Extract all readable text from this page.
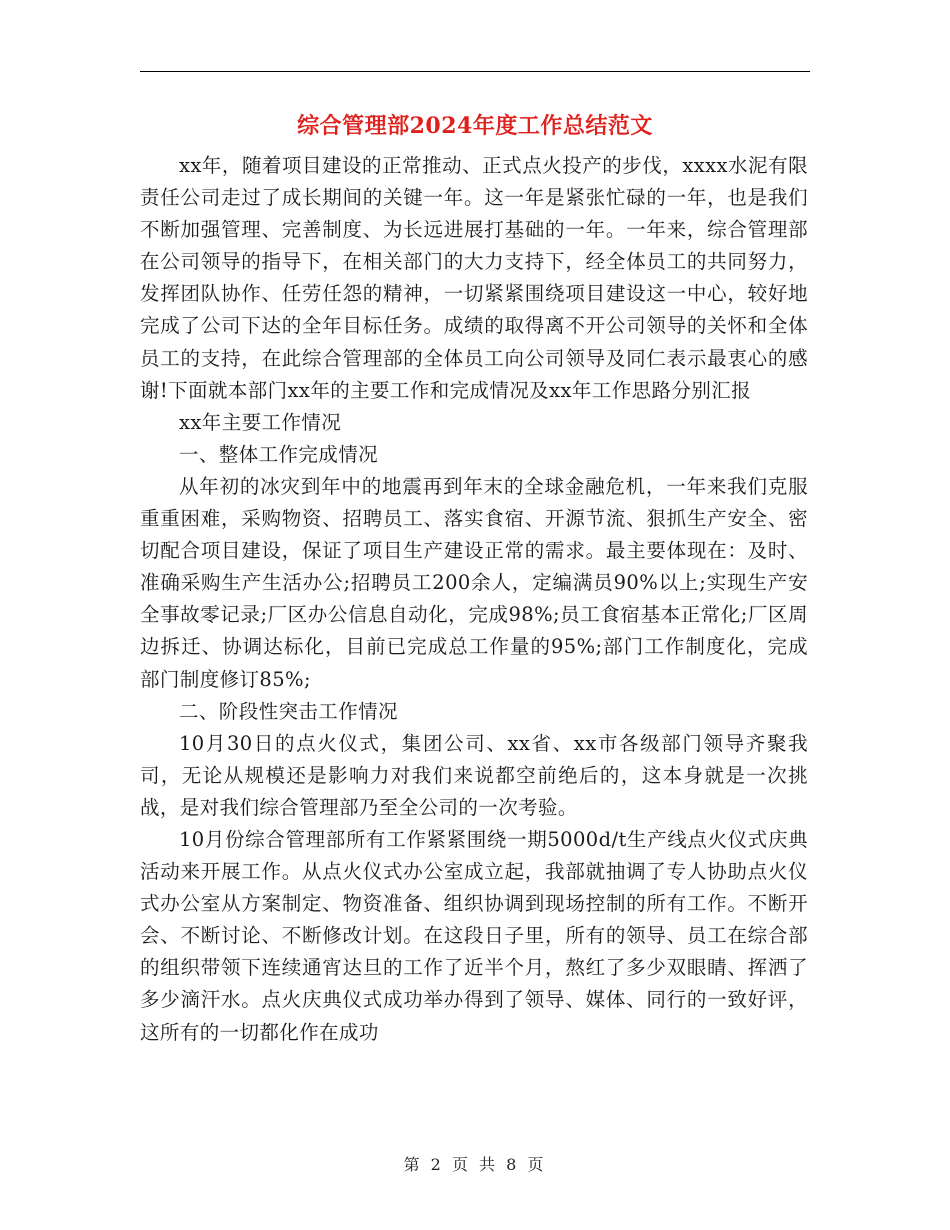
综合管理部2024年度工作总结范文

xx年，随着项目建设的正常推动、正式点火投产的步伐，xxxx水泥有限责任公司走过了成长期间的关键一年。这一年是紧张忙碌的一年，也是我们不断加强管理、完善制度、为长远进展打基础的一年。一年来，综合管理部在公司领导的指导下，在相关部门的大力支持下，经全体员工的共同努力，发挥团队协作、任劳任怨的精神，一切紧紧围绕项目建设这一中心，较好地完成了公司下达的全年目标任务。成绩的取得离不开公司领导的关怀和全体员工的支持，在此综合管理部的全体员工向公司领导及同仁表示最衷心的感谢!下面就本部门xx年的主要工作和完成情况及xx年工作思路分别汇报

xx年主要工作情况

一、整体工作完成情况

从年初的冰灾到年中的地震再到年末的全球金融危机，一年来我们克服重重困难，采购物资、招聘员工、落实食宿、开源节流、狠抓生产安全、密切配合项目建设，保证了项目生产建设正常的需求。最主要体现在：及时、准确采购生产生活办公;招聘员工200余人，定编满员90%以上;实现生产安全事故零记录;厂区办公信息自动化，完成98%;员工食宿基本正常化;厂区周边拆迁、协调达标化，目前已完成总工作量的95%;部门工作制度化，完成部门制度修订85%;

二、阶段性突击工作情况

10月30日的点火仪式，集团公司、xx省、xx市各级部门领导齐聚我司，无论从规模还是影响力对我们来说都空前绝后的，这本身就是一次挑战，是对我们综合管理部乃至全公司的一次考验。

10月份综合管理部所有工作紧紧围绕一期5000d/t生产线点火仪式庆典活动来开展工作。从点火仪式办公室成立起，我部就抽调了专人协助点火仪式办公室从方案制定、物资准备、组织协调到现场控制的所有工作。不断开会、不断讨论、不断修改计划。在这段日子里，所有的领导、员工在综合部的组织带领下连续通宵达旦的工作了近半个月，熬红了多少双眼睛、挥洒了多少滴汗水。点火庆典仪式成功举办得到了领导、媒体、同行的一致好评，这所有的一切都化作在成功

第 2 页 共 8 页
